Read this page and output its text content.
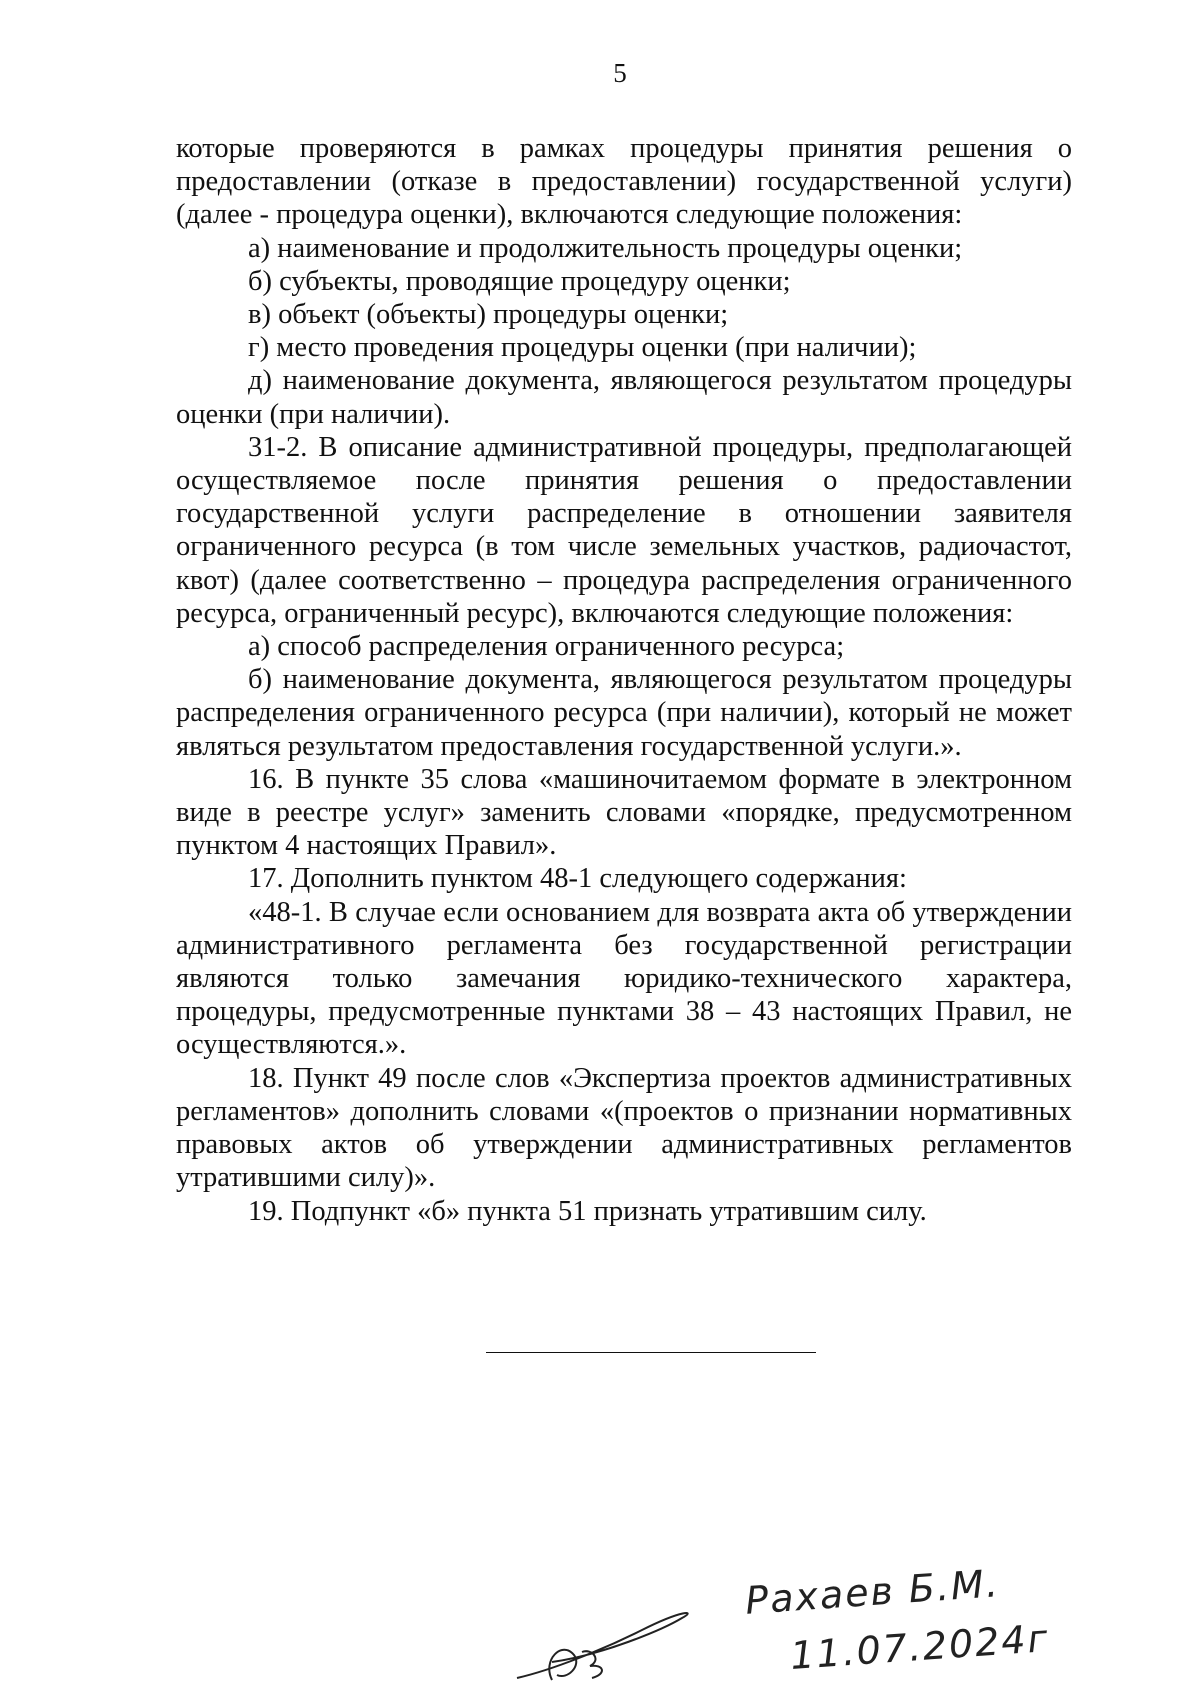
5

которые проверяются в рамках процедуры принятия решения о предоставлении (отказе в предоставлении) государственной услуги) (далее - процедура оценки), включаются следующие положения:

а) наименование и продолжительность процедуры оценки;

б) субъекты, проводящие процедуру оценки;

в) объект (объекты) процедуры оценки;

г) место проведения процедуры оценки (при наличии);

д) наименование документа, являющегося результатом процедуры оценки (при наличии).

31-2. В описание административной процедуры, предполагающей осуществляемое после принятия решения о предоставлении государственной услуги распределение в отношении заявителя ограниченного ресурса (в том числе земельных участков, радиочастот, квот) (далее соответственно – процедура распределения ограниченного ресурса, ограниченный ресурс), включаются следующие положения:

а) способ распределения ограниченного ресурса;

б) наименование документа, являющегося результатом процедуры распределения ограниченного ресурса (при наличии), который не может являться результатом предоставления государственной услуги.».

16. В пункте 35 слова «машиночитаемом формате в электронном виде в реестре услуг» заменить словами «порядке, предусмотренном пунктом 4 настоящих Правил».

17. Дополнить пунктом 48-1 следующего содержания:

«48-1. В случае если основанием для возврата акта об утверждении административного регламента без государственной регистрации являются только замечания юридико-технического характера, процедуры, предусмотренные пунктами 38 – 43 настоящих Правил, не осуществляются.».

18. Пункт 49 после слов «Экспертиза проектов административных регламентов» дополнить словами «(проектов о признании нормативных правовых актов об утверждении административных регламентов утратившими силу)».

19. Подпункт «б» пункта 51 признать утратившим силу.

Рахаев Б.М.
11.07.2024г
